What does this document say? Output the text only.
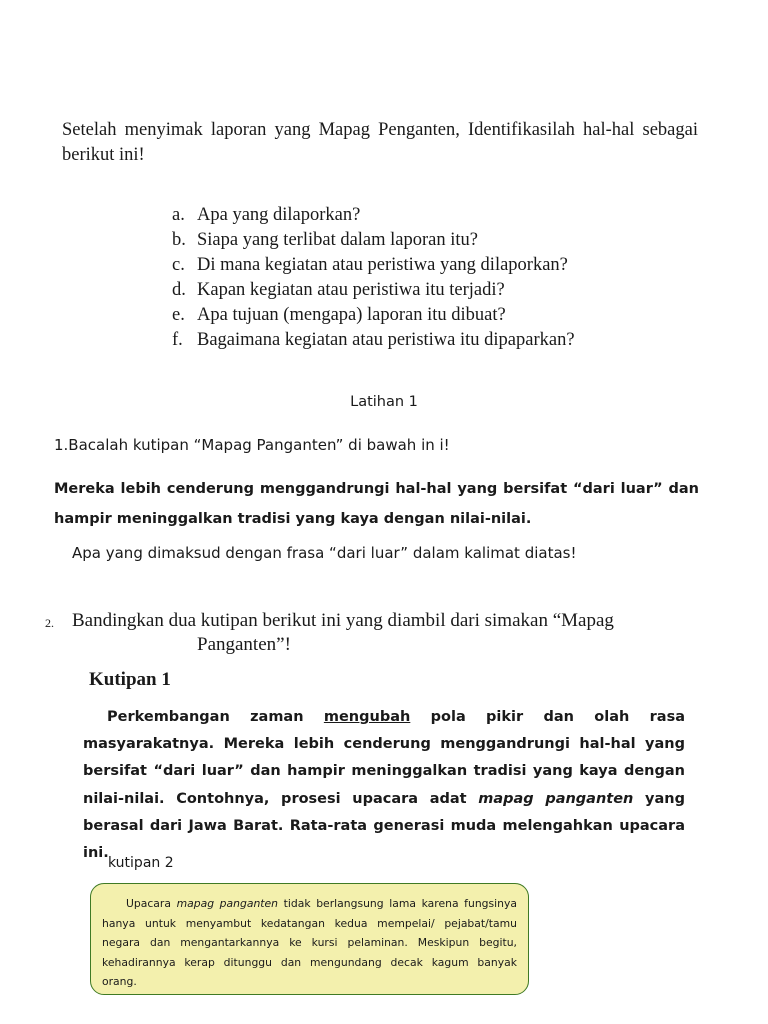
Setelah menyimak laporan yang Mapag Penganten, Identifikasilah hal-hal sebagai berikut ini!
a. Apa yang dilaporkan?
b. Siapa yang terlibat dalam laporan itu?
c. Di mana kegiatan atau peristiwa yang dilaporkan?
d. Kapan kegiatan atau peristiwa itu terjadi?
e. Apa tujuan (mengapa) laporan itu dibuat?
f. Bagaimana kegiatan atau peristiwa itu dipaparkan?
Latihan 1
1.Bacalah kutipan “Mapag Panganten” di bawah in i!
Mereka lebih cenderung menggandrungi hal-hal yang bersifat “dari luar” dan hampir meninggalkan tradisi yang kaya dengan nilai-nilai.
Apa yang dimaksud dengan frasa “dari luar” dalam kalimat diatas!
2. Bandingkan dua kutipan berikut ini yang diambil dari simakan “Mapag
Panganten”!
Kutipan 1
Perkembangan zaman mengubah pola pikir dan olah rasa masyarakatnya. Mereka lebih cenderung menggandrungi hal-hal yang bersifat “dari luar” dan hampir meninggalkan tradisi yang kaya dengan nilai-nilai. Contohnya, prosesi upacara adat mapag panganten yang berasal dari Jawa Barat. Rata-rata generasi muda melengahkan upacara ini.
kutipan 2

Upacara mapag panganten tidak berlangsung lama karena fungsinya hanya untuk menyambut kedatangan kedua mempelai/ pejabat/tamu negara dan mengantarkannya ke kursi pelaminan. Meskipun begitu, kehadirannya kerap ditunggu dan mengundang decak kagum banyak orang.
